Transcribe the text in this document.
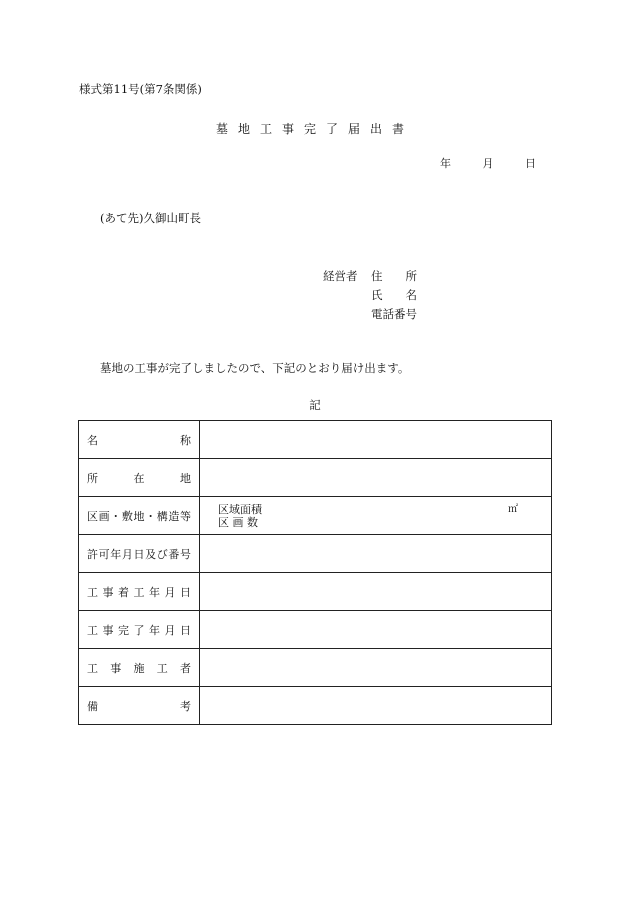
様式第11号(第7条関係)
墓地工事完了届出書
年	月	日
(あて先)久御山町長
経営者 住　所
氏　名
電話番号
墓地の工事が完了しましたので、下記のとおり届け出ます。
記
名称	

所在地	

区画・敷地・構造等	区域面積 ㎡
区 画 数

許可年月日及び番号	

工事着工年月日	

工事完了年月日	

工事施工者	

備考	
